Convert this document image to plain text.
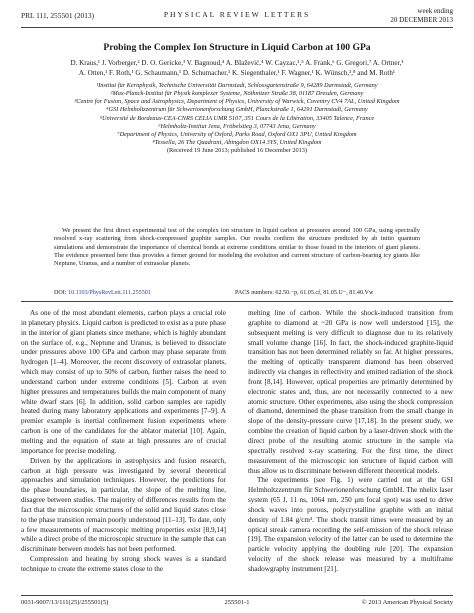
PRL 111, 255501 (2013)	PHYSICAL REVIEW LETTERS	week ending
20 DECEMBER 2013
Probing the Complex Ion Structure in Liquid Carbon at 100 GPa
D. Kraus,¹ J. Vorberger,² D. O. Gericke,³ V. Bagnoud,⁴ A. Blažević,⁴ W. Cayzac,¹,⁵ A. Frank,⁶ G. Gregori,⁷ A. Ortner,¹
A. Otten,¹ F. Roth,¹ G. Schaumann,¹ D. Schumacher,¹ K. Siegenthaler,¹ F. Wagner,¹ K. Wünsch,³,⁸ and M. Roth¹
¹Institut für Kernphysik, Technische Universität Darmstadt, Schlossgartenstraße 9, 64289 Darmstadt, Germany
²Max-Planck-Institut für Physik komplexer Systeme, Nöthnitzer Straße 38, 01187 Dresden, Germany
³Centre for Fusion, Space and Astrophysics, Department of Physics, University of Warwick, Coventry CV4 7AL, United Kingdom
⁴GSI Helmholtzzentrum für Schwerionenforschung GmbH, Planckstraße 1, 64291 Darmstadt, Germany
⁵Université de Bordeaux-CEA-CNRS CELIA UMR 5107, 351 Cours de la Libération, 33405 Talence, France
⁶Helmholtz-Institut Jena, Fröbelstieg 3, 07743 Jena, Germany
⁷Department of Physics, University of Oxford, Parks Road, Oxford OX1 3PU, United Kingdom
⁸Tessella, 26 The Quadrant, Abingdon OX14 3YS, United Kingdom
(Received 19 June 2013; published 16 December 2013)

We present the first direct experimental test of the complex ion structure in liquid carbon at pressures around 100 GPa, using spectrally resolved x-ray scattering from shock-compressed graphite samples. Our results confirm the structure predicted by ab initio quantum simulations and demonstrate the importance of chemical bonds at extreme conditions similar to those found in the interiors of giant planets. The evidence presented here thus provides a firmer ground for modeling the evolution and current structure of carbon-bearing icy giants like Neptune, Uranus, and a number of extrasolar planets.

DOI: 10.1103/PhysRevLett.111.255501	PACS numbers: 62.50.−p, 61.05.cf, 81.05.U−, 81.40.Vw

As one of the most abundant elements, carbon plays a crucial role in planetary physics. Liquid carbon is predicted to exist as a pure phase in the interior of giant planets since methane, which is highly abundant on the surface of, e.g., Neptune and Uranus, is believed to dissociate under pressures above 100 GPa and carbon may phase separate from hydrogen [1–4]. Moreover, the recent discovery of extrasolar planets, which may consist of up to 50% of carbon, further raises the need to understand carbon under extreme conditions [5]. Carbon at even higher pressures and temperatures builds the main component of many white dwarf stars [6]. In addition, solid carbon samples are rapidly heated during many laboratory applications and experiments [7–9]. A premier example is inertial confinement fusion experiments where carbon is one of the candidates for the ablator material [10]. Again, melting and the equation of state at high pressures are of crucial importance for precise modeling.

Driven by the applications in astrophysics and fusion research, carbon at high pressure was investigated by several theoretical approaches and simulation techniques. However, the predictions for the phase boundaries, in particular, the slope of the melting line, disagree between studies. The majority of differences results from the fact that the microscopic structures of the solid and liquid states close to the phase transition remain poorly understood [11–13]. To date, only a few measurements of macroscopic melting properties exist [8,9,14] while a direct probe of the microscopic structure in the sample that can discriminate between models has not been performed.

Compression and heating by strong shock waves is a standard technique to create the extreme states close to the

melting line of carbon. While the shock-induced transition from graphite to diamond at ~20 GPa is now well understood [15], the subsequent melting is very difficult to diagnose due to its relatively small volume change [16]. In fact, the shock-induced graphite-liquid transition has not been determined reliably so far. At higher pressures, the melting of optically transparent diamond has been observed indirectly via changes in reflectivity and emitted radiation of the shock front [8,14]. However, optical properties are primarily determined by electronic states and, thus, are not necessarily connected to a new atomic structure. Other experiments, also using the shock compression of diamond, determined the phase transition from the small change in slope of the density-pressure curve [17,18]. In the present study, we combine the creation of liquid carbon by a laser-driven shock with the direct probe of the resulting atomic structure in the sample via spectrally resolved x-ray scattering. For the first time, the direct measurement of the microscopic ion structure of liquid carbon will thus allow us to discriminate between different theoretical models.

The experiments (see Fig. 1) were carried out at the GSI Helmholtzzentrum für Schwerionenforschung GmbH. The nhelix laser system (65 J, 11 ns, 1064 nm, 250 μm focal spot) was used to drive shock waves into porous, polycrystalline graphite with an initial density of 1.84 g/cm³. The shock transit times were measured by an optical streak camera recording the self-emission of the shock release [19]. The expansion velocity of the latter can be used to determine the particle velocity applying the doubling rule [20]. The expansion velocity of the shock release was measured by a multiframe shadowgraphy instrument [21].

0031-9007/13/111(25)/255501(5)	255501-1	© 2013 American Physical Society
